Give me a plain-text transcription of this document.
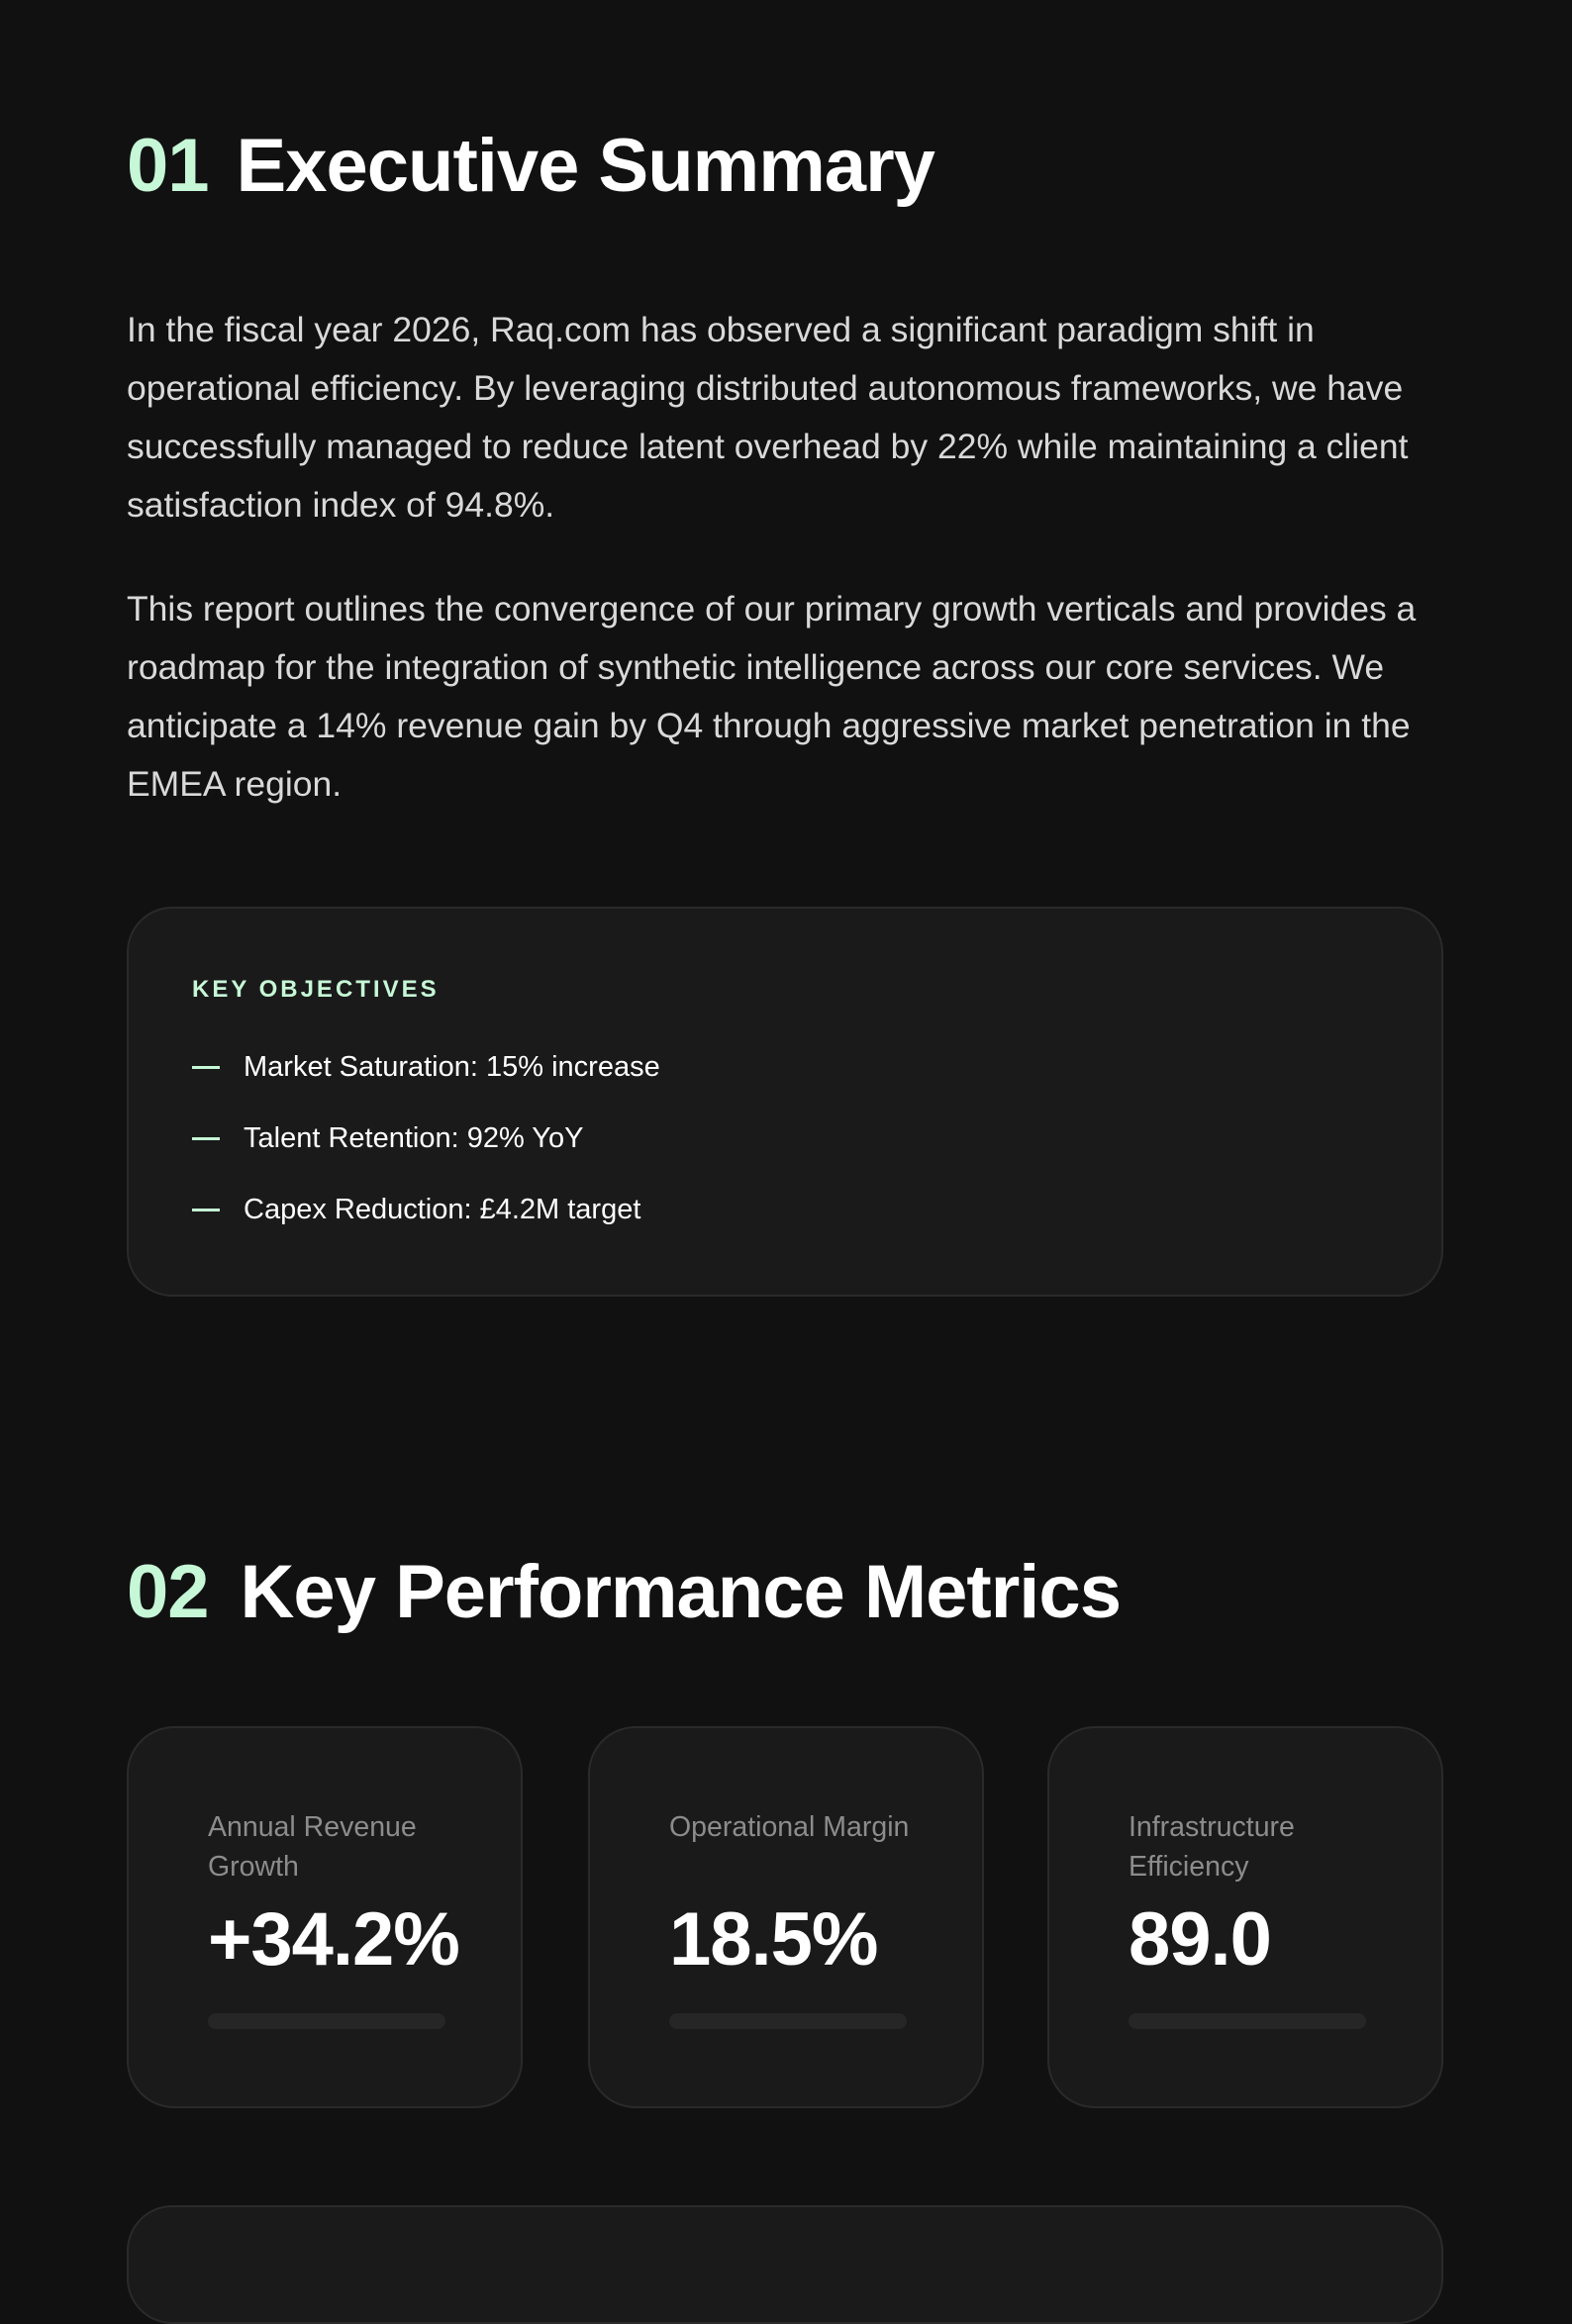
01 Executive Summary

In the fiscal year 2026, Raq.com has observed a significant paradigm shift in operational efficiency. By leveraging distributed autonomous frameworks, we have successfully managed to reduce latent overhead by 22% while maintaining a client satisfaction index of 94.8%.

This report outlines the convergence of our primary growth verticals and provides a roadmap for the integration of synthetic intelligence across our core services. We anticipate a 14% revenue gain by Q4 through aggressive market penetration in the EMEA region.

KEY OBJECTIVES
Market Saturation: 15% increase
Talent Retention: 92% YoY
Capex Reduction: £4.2M target
02 Key Performance Metrics
Annual Revenue Growth
+34.2%
Operational Margin
18.5%
Infrastructure Efficiency
89.0
